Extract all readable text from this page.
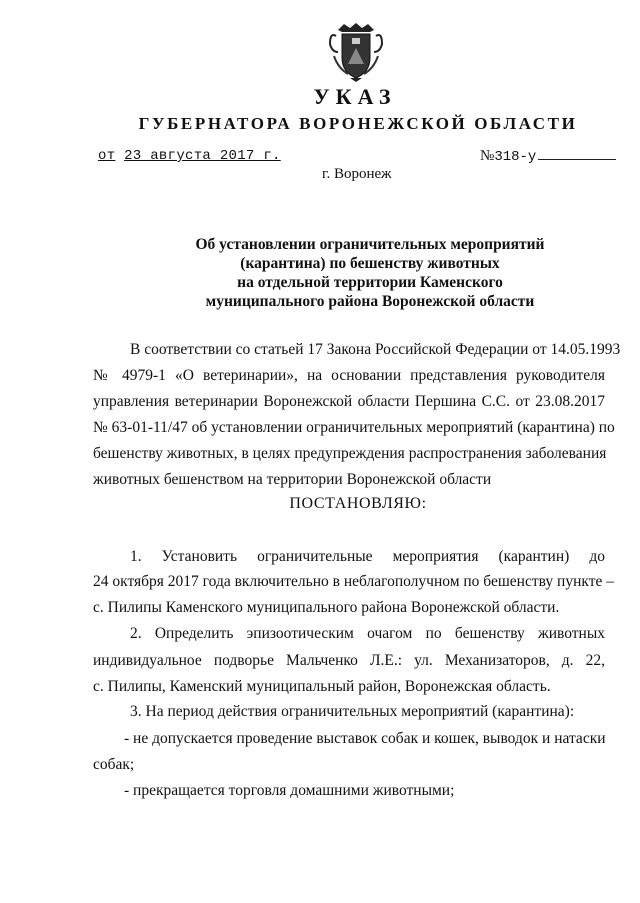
УКАЗ
ГУБЕРНАТОРА ВОРОНЕЖСКОЙ ОБЛАСТИ
от 23 августа 2017 г.	№318-у
г. Воронеж
Об установлении ограничительных мероприятий
(карантина) по бешенству животных
на отдельной территории Каменского
муниципального района Воронежской области
В соответствии со статьей 17 Закона Российской Федерации от 14.05.1993
№ 4979-1 «О ветеринарии», на основании представления руководителя
управления ветеринарии Воронежской области Першина С.С. от 23.08.2017
№ 63-01-11/47 об установлении ограничительных мероприятий (карантина) по
бешенству животных, в целях предупреждения распространения заболевания
животных бешенством на территории Воронежской области
ПОСТАНОВЛЯЮ:
1. Установить ограничительные мероприятия (карантин) до
24 октября 2017 года включительно в неблагополучном по бешенству пункте –
с. Пилипы Каменского муниципального района Воронежской области.
2. Определить эпизоотическим очагом по бешенству животных
индивидуальное подворье Мальченко Л.Е.: ул. Механизаторов, д. 22,
с. Пилипы, Каменский муниципальный район, Воронежская область.
3. На период действия ограничительных мероприятий (карантина):
- не допускается проведение выставок собак и кошек, выводок и натаски
собак;
- прекращается торговля домашними животными;
